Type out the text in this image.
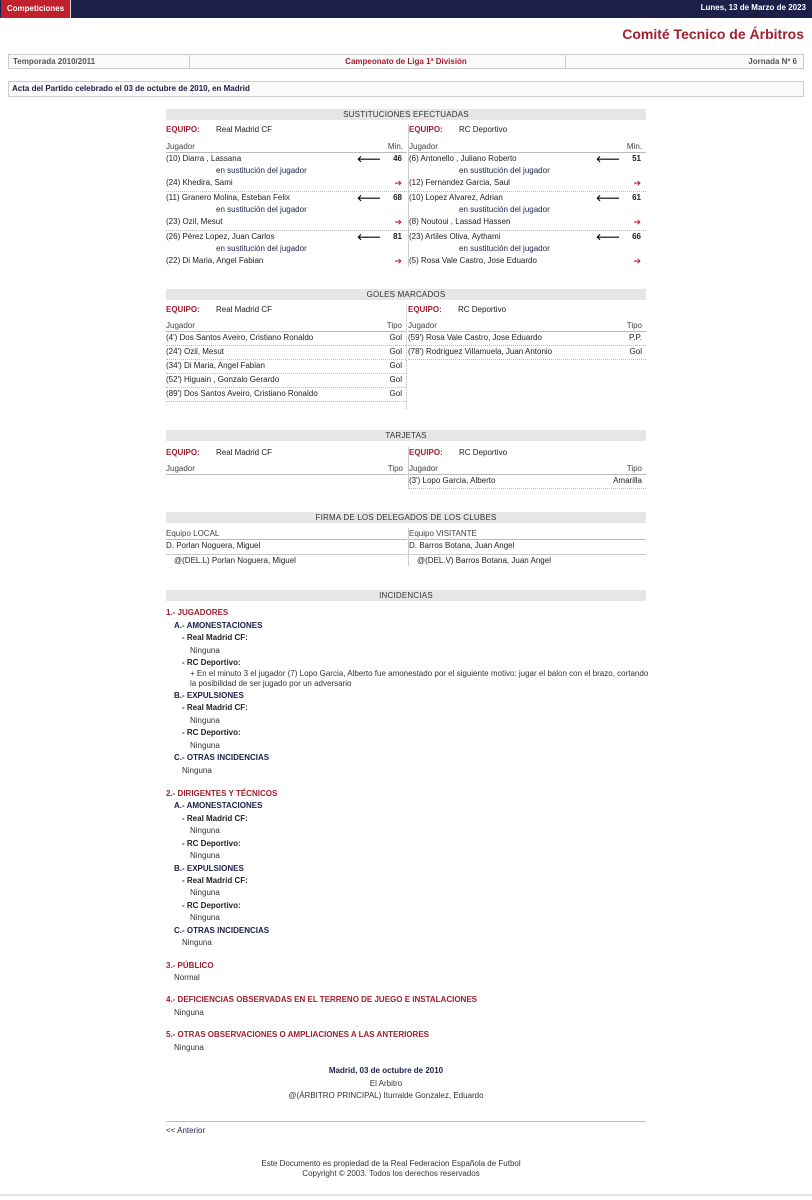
Competiciones	Lunes, 13 de Marzo de 2023
Comité Tecnico de Árbitros
Temporada 2010/2011	Campeonato de Liga 1ª División	Jornada Nº 6
Acta del Partido celebrado el 03 de octubre de 2010, en Madrid
SUSTITUCIONES EFECTUADAS
EQUIPO: Real Madrid CF
Jugador	Min.
(10) Diarra , Lassana	🡐 46
en sustitución del jugador
(24) Khedira, Sami	➔
(11) Granero Molina, Esteban Felix	🡐 68
en sustitución del jugador
(23) Ozil, Mesut	➔
(26) Pérez Lopez, Juan Carlos	🡐 81
en sustitución del jugador
(22) Di Maria, Angel Fabian	➔
EQUIPO: RC Deportivo
Jugador	Min.
(6) Antonello , Juliano Roberto	🡐 51
en sustitución del jugador
(12) Fernandez Garcia, Saul	➔
(10) Lopez Alvarez, Adrian	🡐 61
en sustitución del jugador
(8) Noutoui , Lassad Hassen	➔
(23) Artiles Oliva, Aythami	🡐 66
en sustitución del jugador
(5) Rosa Vale Castro, Jose Eduardo	➔
GOLES MARCADOS
EQUIPO: Real Madrid CF
Jugador	Tipo
(4') Dos Santos Aveiro, Cristiano Ronaldo	Gol
(24') Ozil, Mesut	Gol
(34') Di Maria, Angel Fabian	Gol
(52') Higuain , Gonzalo Gerardo	Gol
(89') Dos Santos Aveiro, Cristiano Ronaldo	Gol
EQUIPO: RC Deportivo
Jugador	Tipo
(59') Rosa Vale Castro, Jose Eduardo	P.P.
(78') Rodriguez Villamuela, Juan Antonio	Gol
TARJETAS
EQUIPO: Real Madrid CF
Jugador	Tipo
EQUIPO: RC Deportivo
Jugador	Tipo
(3') Lopo Garcia, Alberto	Amarilla
FIRMA DE LOS DELEGADOS DE LOS CLUBES
Equipo LOCAL
D. Porlan Noguera, Miguel
@(DEL.L) Porlan Noguera, Miguel
Equipo VISITANTE
D. Barros Botana, Juan Angel
@(DEL.V) Barros Botana, Juan Angel
INCIDENCIAS
1.- JUGADORES
A.- AMONESTACIONES
- Real Madrid CF:
Ninguna
- RC Deportivo:
+ En el minuto 3 el jugador (7) Lopo Garcia, Alberto fue amonestado por el siguiente motivo: jugar el balon con el brazo, cortando la posibilidad de ser jugado por un adversario
B.- EXPULSIONES
- Real Madrid CF:
Ninguna
- RC Deportivo:
Ninguna
C.- OTRAS INCIDENCIAS
Ninguna
2.- DIRIGENTES Y TÉCNICOS
A.- AMONESTACIONES
- Real Madrid CF:
Ninguna
- RC Deportivo:
Ninguna
B.- EXPULSIONES
- Real Madrid CF:
Ninguna
- RC Deportivo:
Ninguna
C.- OTRAS INCIDENCIAS
Ninguna
3.- PÚBLICO
Normal
4.- DEFICIENCIAS OBSERVADAS EN EL TERRENO DE JUEGO E INSTALACIONES
Ninguna
5.- OTRAS OBSERVACIONES O AMPLIACIONES A LAS ANTERIORES
Ninguna
Madrid, 03 de octubre de 2010
El Arbitro
@(ÁRBITRO PRINCIPAL) Iturralde Gonzalez, Eduardo
<< Anterior
Este Documento es propiedad de la Real Federacion Española de Futbol
Copyright © 2003. Todos los derechos reservados
